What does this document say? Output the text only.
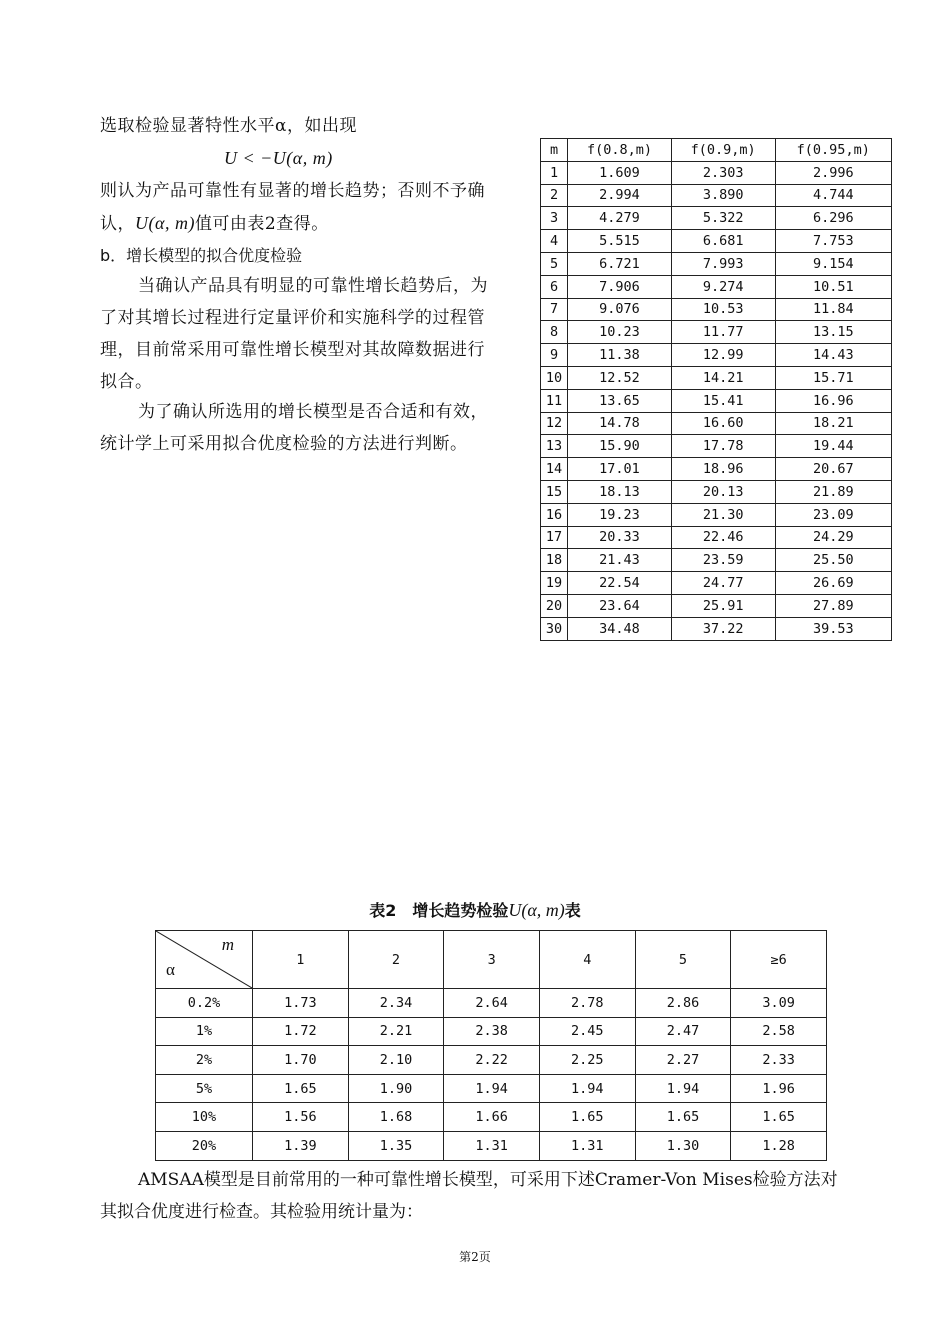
选取检验显著特性水平α，如出现
U < −U(α, m)
则认为产品可靠性有显著的增长趋势；否则不予确
认，U(α, m)值可由表2查得。
b．增长模型的拟合优度检验
当确认产品具有明显的可靠性增长趋势后，为
了对其增长过程进行定量评价和实施科学的过程管
理，目前常采用可靠性增长模型对其故障数据进行
拟合。
为了确认所选用的增长模型是否合适和有效，
统计学上可采用拟合优度检验的方法进行判断。
m	f(0.8,m)	f(0.9,m)	f(0.95,m)
1	1.609	2.303	2.996
2	2.994	3.890	4.744
3	4.279	5.322	6.296
4	5.515	6.681	7.753
5	6.721	7.993	9.154
6	7.906	9.274	10.51
7	9.076	10.53	11.84
8	10.23	11.77	13.15
9	11.38	12.99	14.43
10	12.52	14.21	15.71
11	13.65	15.41	16.96
12	14.78	16.60	18.21
13	15.90	17.78	19.44
14	17.01	18.96	20.67
15	18.13	20.13	21.89
16	19.23	21.30	23.09
17	20.33	22.46	24.29
18	21.43	23.59	25.50
19	22.54	24.77	26.69
20	23.64	25.91	27.89
30	34.48	37.22	39.53
表2　增长趋势检验U(α, m)表
m
α	1	2	3	4	5	≥6
0.2%	1.73	2.34	2.64	2.78	2.86	3.09
1%	1.72	2.21	2.38	2.45	2.47	2.58
2%	1.70	2.10	2.22	2.25	2.27	2.33
5%	1.65	1.90	1.94	1.94	1.94	1.96
10%	1.56	1.68	1.66	1.65	1.65	1.65
20%	1.39	1.35	1.31	1.31	1.30	1.28
AMSAA模型是目前常用的一种可靠性增长模型，可采用下述Cramer-Von Mises检验方法对
其拟合优度进行检查。其检验用统计量为：
第2页
